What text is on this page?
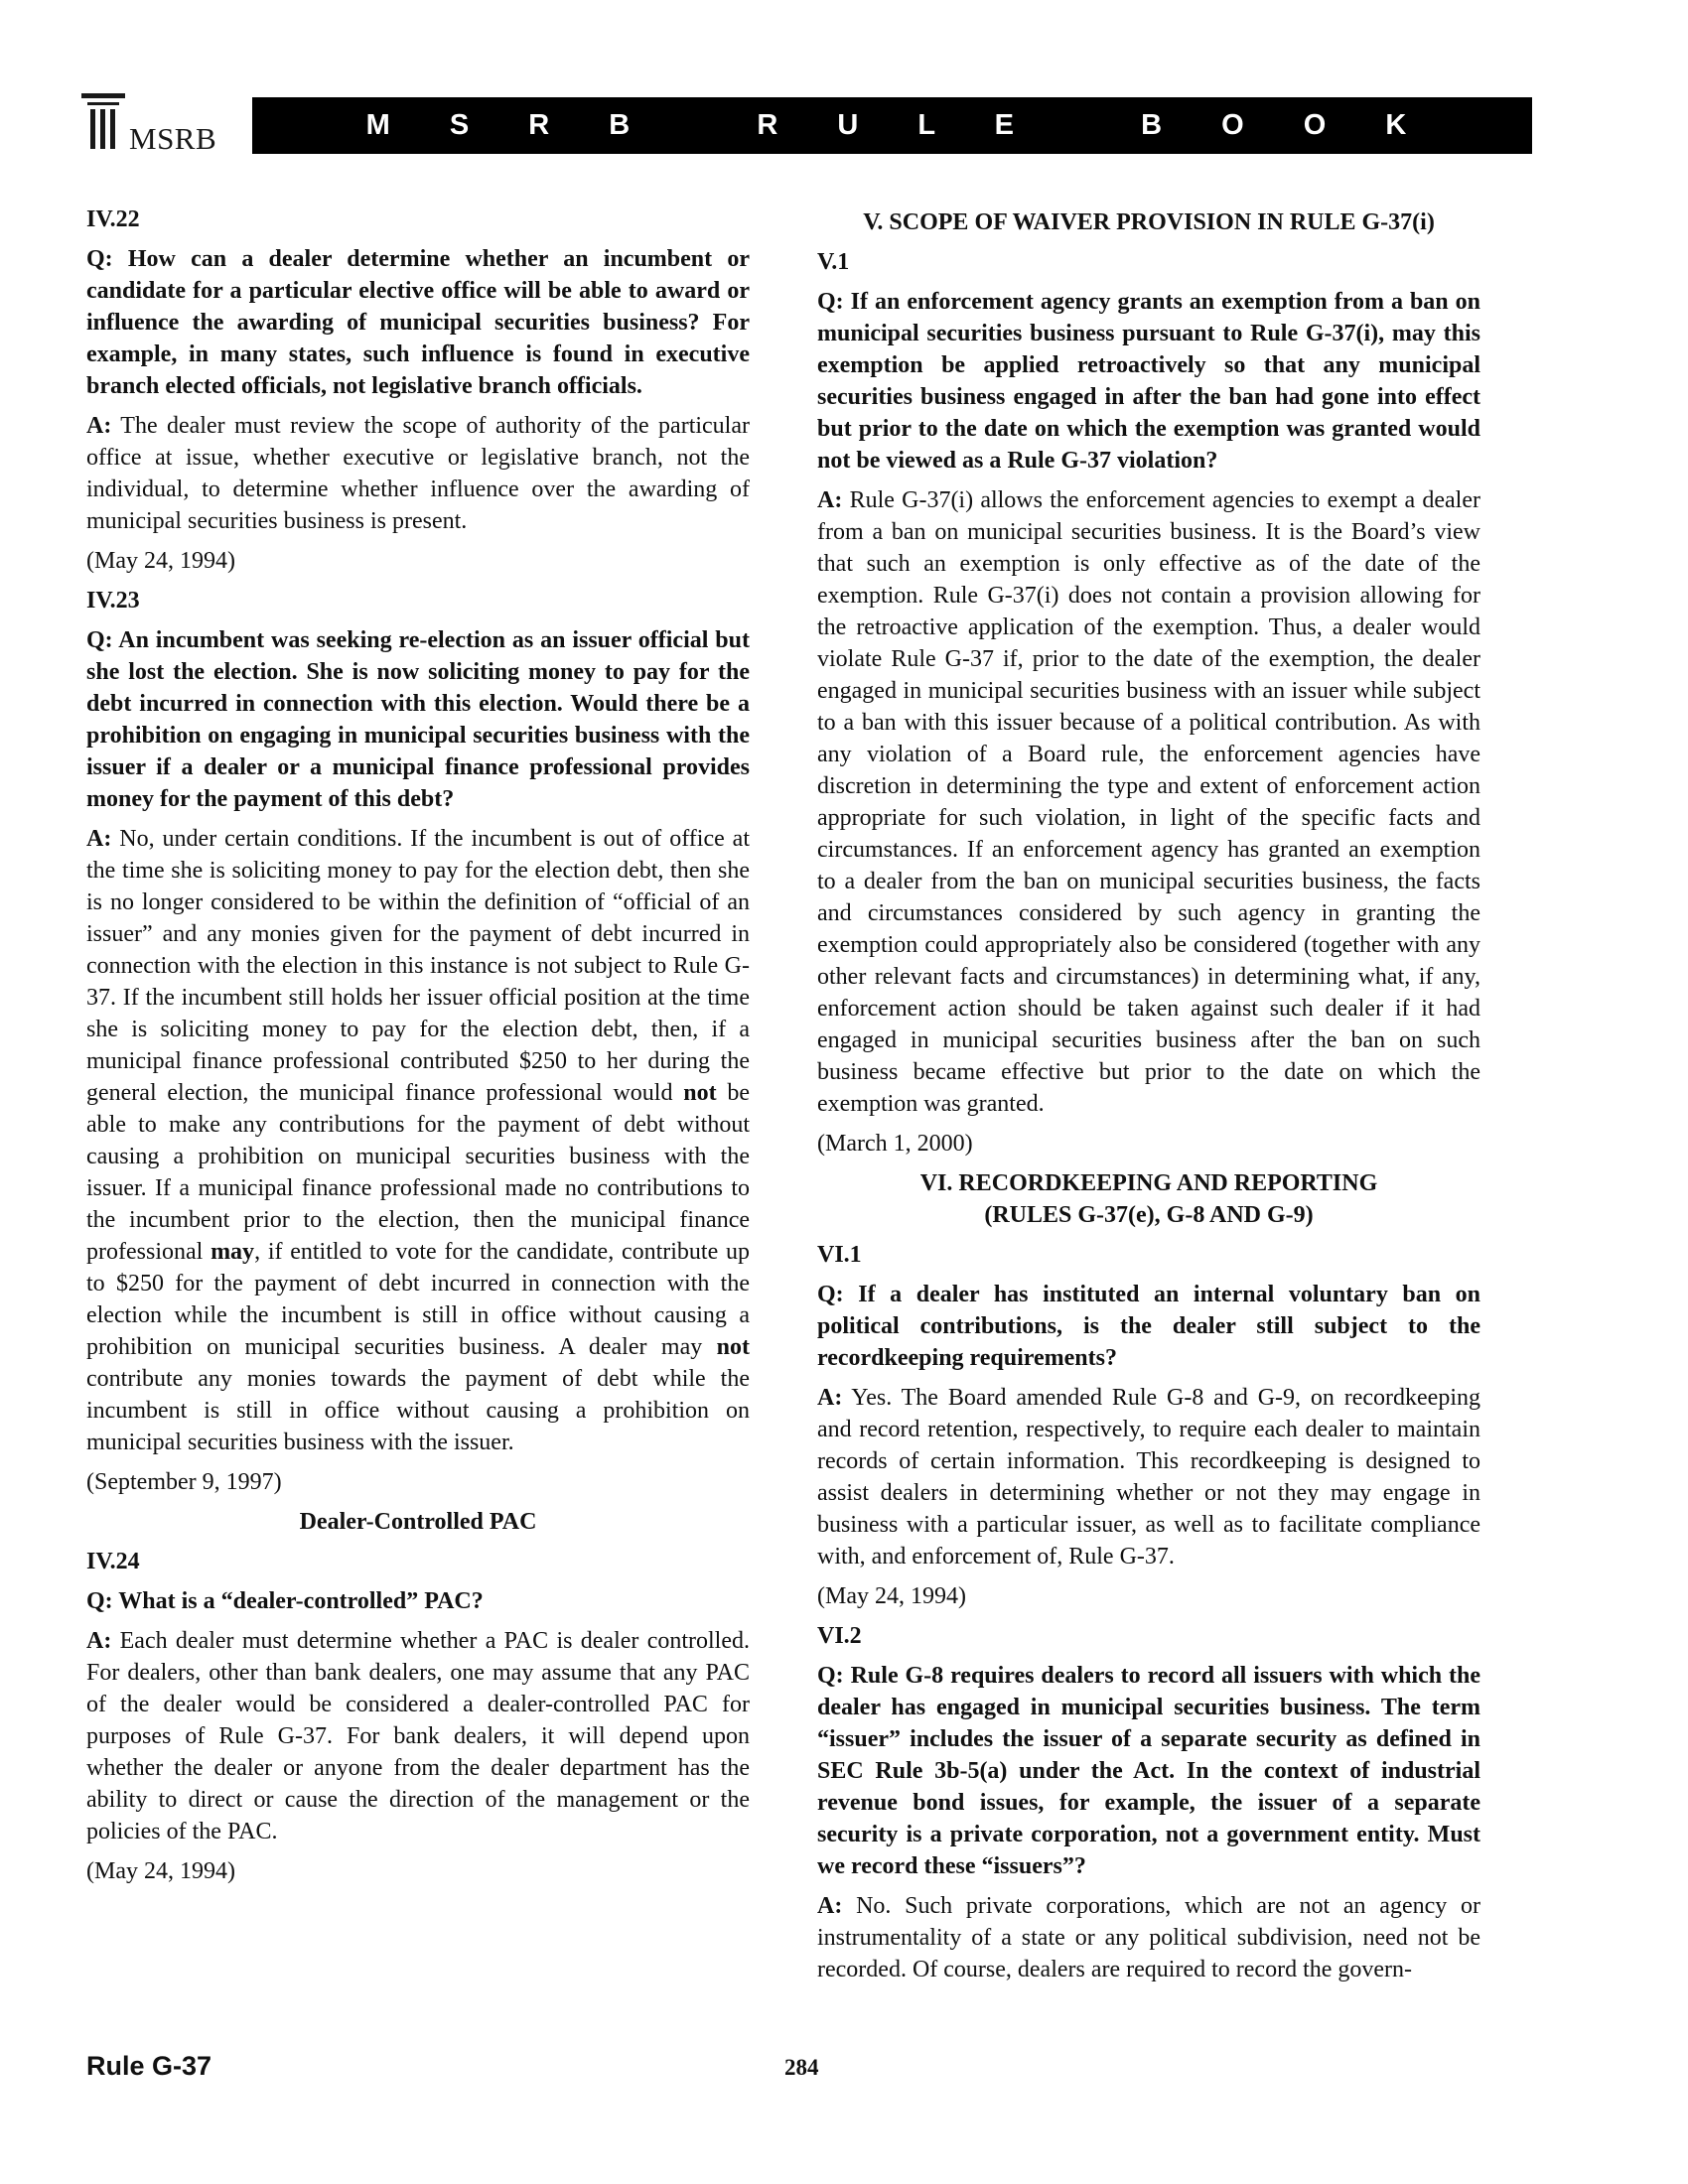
MSRB	M S R B   R U L E   B O O K
IV.22

Q: How can a dealer determine whether an incumbent or candidate for a particular elective office will be able to award or influence the awarding of municipal securities business? For example, in many states, such influence is found in executive branch elected officials, not legislative branch officials.

A: The dealer must review the scope of authority of the particular office at issue, whether executive or legislative branch, not the individual, to determine whether influence over the awarding of municipal securities business is present.

(May 24, 1994)

IV.23

Q: An incumbent was seeking re-election as an issuer official but she lost the election. She is now soliciting money to pay for the debt incurred in connection with this election. Would there be a prohibition on engaging in municipal securities business with the issuer if a dealer or a municipal finance professional provides money for the payment of this debt?

A: No, under certain conditions. If the incumbent is out of office at the time she is soliciting money to pay for the election debt, then she is no longer considered to be within the definition of “official of an issuer” and any monies given for the payment of debt incurred in connection with the election in this instance is not subject to Rule G-37. If the incumbent still holds her issuer official position at the time she is soliciting money to pay for the election debt, then, if a municipal finance professional contributed $250 to her during the general election, the municipal finance professional would not be able to make any contributions for the payment of debt without causing a prohibition on municipal securities business with the issuer. If a municipal finance professional made no contributions to the incumbent prior to the election, then the municipal finance professional may, if entitled to vote for the candidate, contribute up to $250 for the payment of debt incurred in connection with the election while the incumbent is still in office without causing a prohibition on municipal securities business. A dealer may not contribute any monies towards the payment of debt while the incumbent is still in office without causing a prohibition on municipal securities business with the issuer.

(September 9, 1997)

Dealer-Controlled PAC
IV.24

Q: What is a “dealer-controlled” PAC?

A: Each dealer must determine whether a PAC is dealer controlled. For dealers, other than bank dealers, one may assume that any PAC of the dealer would be considered a dealer-controlled PAC for purposes of Rule G-37. For bank dealers, it will depend upon whether the dealer or anyone from the dealer department has the ability to direct or cause the direction of the management or the policies of the PAC.

(May 24, 1994)

V. SCOPE OF WAIVER PROVISION IN RULE G-37(i)
V.1

Q: If an enforcement agency grants an exemption from a ban on municipal securities business pursuant to Rule G-37(i), may this exemption be applied retroactively so that any municipal securities business engaged in after the ban had gone into effect but prior to the date on which the exemption was granted would not be viewed as a Rule G-37 violation?

A: Rule G-37(i) allows the enforcement agencies to exempt a dealer from a ban on municipal securities business. It is the Board’s view that such an exemption is only effective as of the date of the exemption. Rule G-37(i) does not contain a provision allowing for the retroactive application of the exemption. Thus, a dealer would violate Rule G-37 if, prior to the date of the exemption, the dealer engaged in municipal securities business with an issuer while subject to a ban with this issuer because of a political contribution. As with any violation of a Board rule, the enforcement agencies have discretion in determining the type and extent of enforcement action appropriate for such violation, in light of the specific facts and circumstances. If an enforcement agency has granted an exemption to a dealer from the ban on municipal securities business, the facts and circumstances considered by such agency in granting the exemption could appropriately also be considered (together with any other relevant facts and circumstances) in determining what, if any, enforcement action should be taken against such dealer if it had engaged in municipal securities business after the ban on such business became effective but prior to the date on which the exemption was granted.

(March 1, 2000)

VI. RECORDKEEPING AND REPORTING
(RULES G-37(e), G-8 AND G-9)
VI.1

Q: If a dealer has instituted an internal voluntary ban on political contributions, is the dealer still subject to the recordkeeping requirements?

A: Yes. The Board amended Rule G-8 and G-9, on recordkeeping and record retention, respectively, to require each dealer to maintain records of certain information. This recordkeeping is designed to assist dealers in determining whether or not they may engage in business with a particular issuer, as well as to facilitate compliance with, and enforcement of, Rule G-37.

(May 24, 1994)

VI.2

Q: Rule G-8 requires dealers to record all issuers with which the dealer has engaged in municipal securities business. The term “issuer” includes the issuer of a separate security as defined in SEC Rule 3b-5(a) under the Act. In the context of industrial revenue bond issues, for example, the issuer of a separate security is a private corporation, not a government entity. Must we record these “issuers”?

A: No. Such private corporations, which are not an agency or instrumentality of a state or any political subdivision, need not be recorded. Of course, dealers are required to record the govern-

Rule G-37	284
